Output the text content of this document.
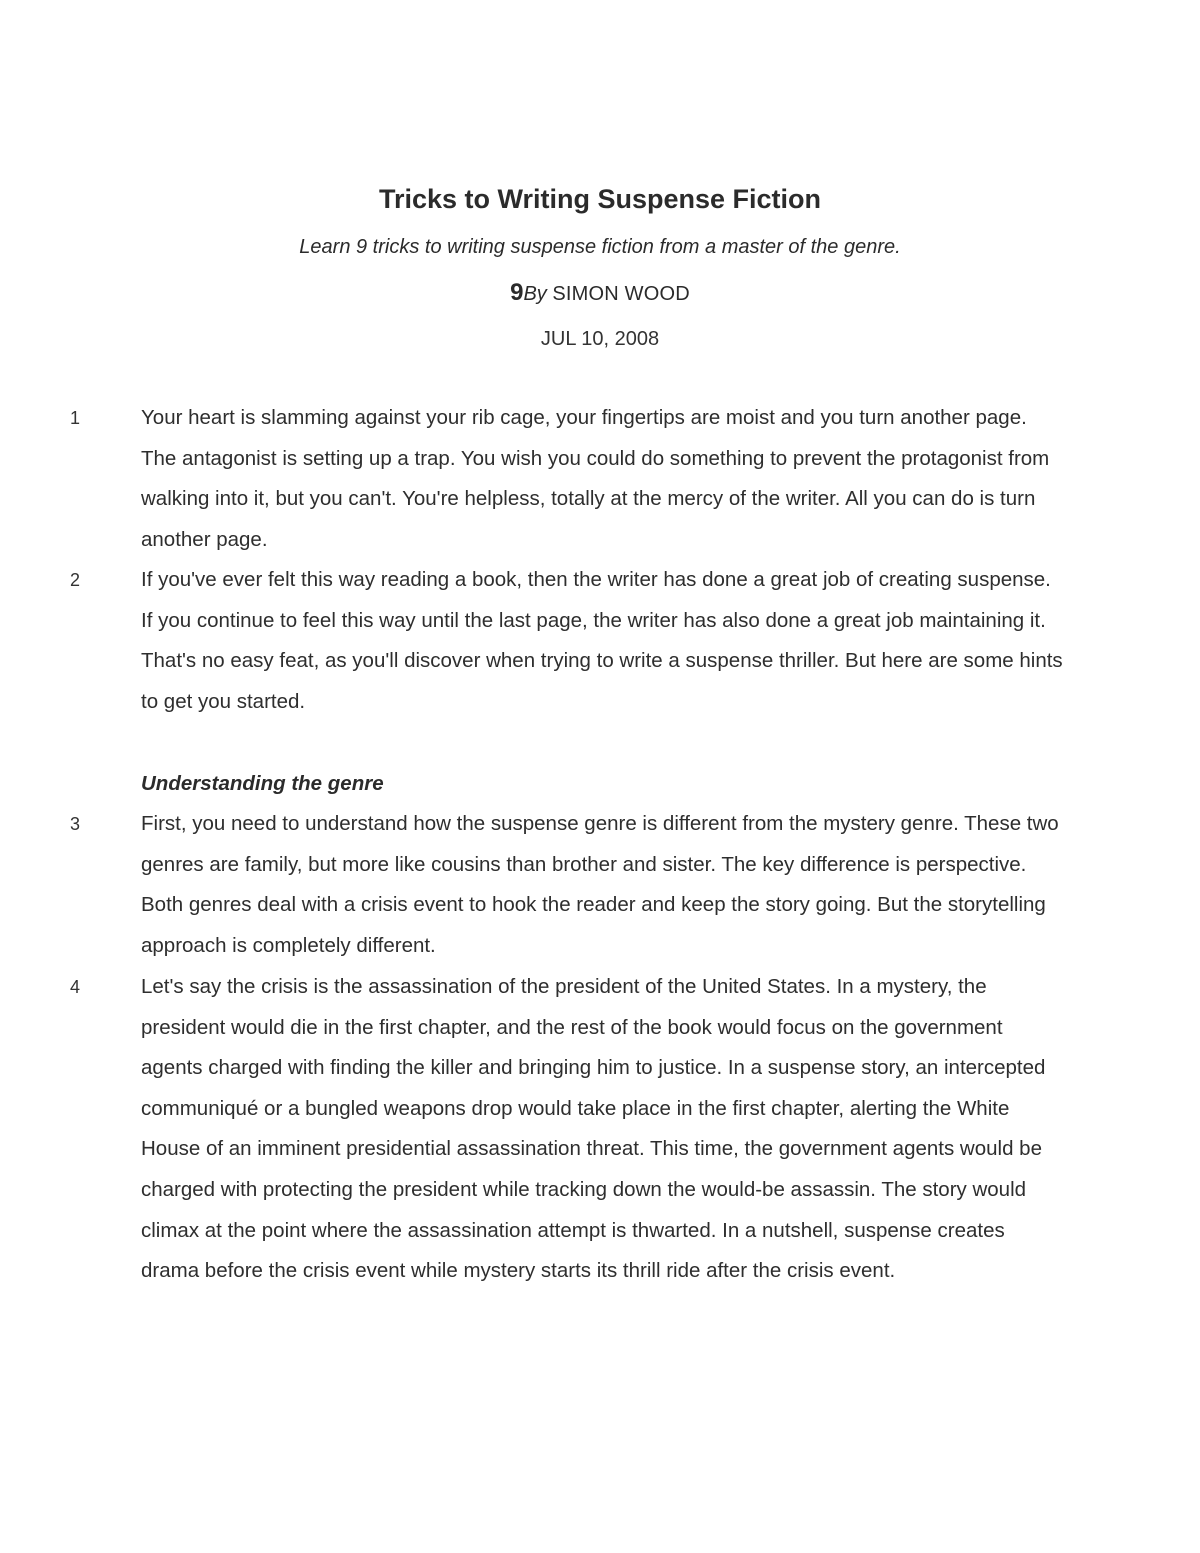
Tricks to Writing Suspense Fiction
Learn 9 tricks to writing suspense fiction from a master of the genre.
9By SIMON WOOD
JUL 10, 2008
1	Your heart is slamming against your rib cage, your fingertips are moist and you turn another page. The antagonist is setting up a trap. You wish you could do something to prevent the protagonist from walking into it, but you can't. You're helpless, totally at the mercy of the writer. All you can do is turn another page.

2	If you've ever felt this way reading a book, then the writer has done a great job of creating suspense. If you continue to feel this way until the last page, the writer has also done a great job maintaining it. That's no easy feat, as you'll discover when trying to write a suspense thriller. But here are some hints to get you started.

Understanding the genre
3	First, you need to understand how the suspense genre is different from the mystery genre. These two genres are family, but more like cousins than brother and sister. The key difference is perspective. Both genres deal with a crisis event to hook the reader and keep the story going. But the storytelling approach is completely different.

4	Let's say the crisis is the assassination of the president of the United States. In a mystery, the president would die in the first chapter, and the rest of the book would focus on the government agents charged with finding the killer and bringing him to justice. In a suspense story, an intercepted communiqué or a bungled weapons drop would take place in the first chapter, alerting the White House of an imminent presidential assassination threat. This time, the government agents would be charged with protecting the president while tracking down the would-be assassin. The story would climax at the point where the assassination attempt is thwarted. In a nutshell, suspense creates drama before the crisis event while mystery starts its thrill ride after the crisis event.
